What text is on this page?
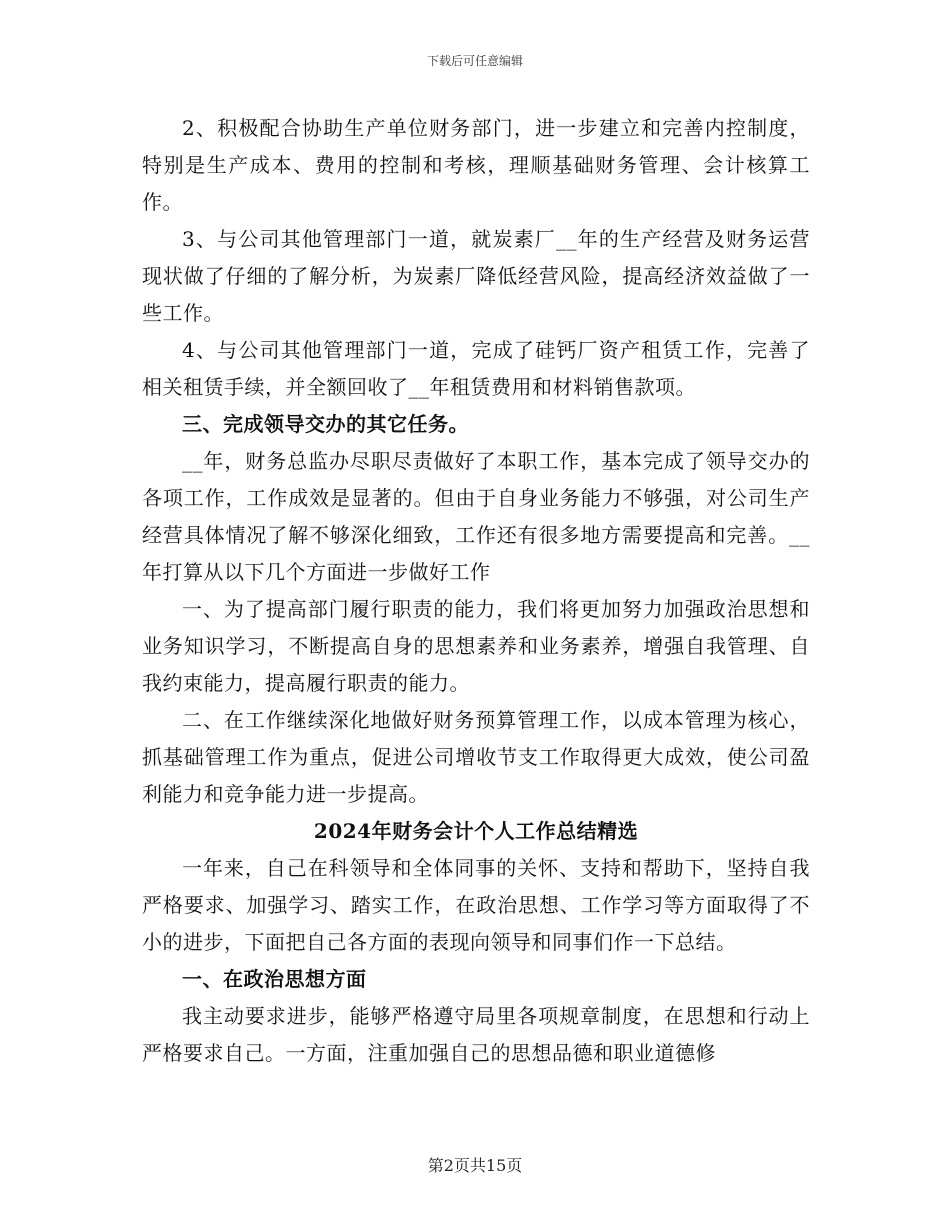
下载后可任意编辑

2、积极配合协助生产单位财务部门，进一步建立和完善内控制度，特别是生产成本、费用的控制和考核，理顺基础财务管理、会计核算工作。

3、与公司其他管理部门一道，就炭素厂__年的生产经营及财务运营现状做了仔细的了解分析，为炭素厂降低经营风险，提高经济效益做了一些工作。

4、与公司其他管理部门一道，完成了硅钙厂资产租赁工作，完善了相关租赁手续，并全额回收了__年租赁费用和材料销售款项。

三、完成领导交办的其它任务。

__年，财务总监办尽职尽责做好了本职工作，基本完成了领导交办的各项工作，工作成效是显著的。但由于自身业务能力不够强，对公司生产经营具体情况了解不够深化细致，工作还有很多地方需要提高和完善。__年打算从以下几个方面进一步做好工作

一、为了提高部门履行职责的能力，我们将更加努力加强政治思想和业务知识学习，不断提高自身的思想素养和业务素养，增强自我管理、自我约束能力，提高履行职责的能力。

二、在工作继续深化地做好财务预算管理工作，以成本管理为核心，抓基础管理工作为重点，促进公司增收节支工作取得更大成效，使公司盈利能力和竞争能力进一步提高。

2024年财务会计个人工作总结精选

一年来，自己在科领导和全体同事的关怀、支持和帮助下，坚持自我严格要求、加强学习、踏实工作，在政治思想、工作学习等方面取得了不小的进步，下面把自己各方面的表现向领导和同事们作一下总结。

一、在政治思想方面

我主动要求进步，能够严格遵守局里各项规章制度，在思想和行动上严格要求自己。一方面，注重加强自己的思想品德和职业道德修

第2页共15页
